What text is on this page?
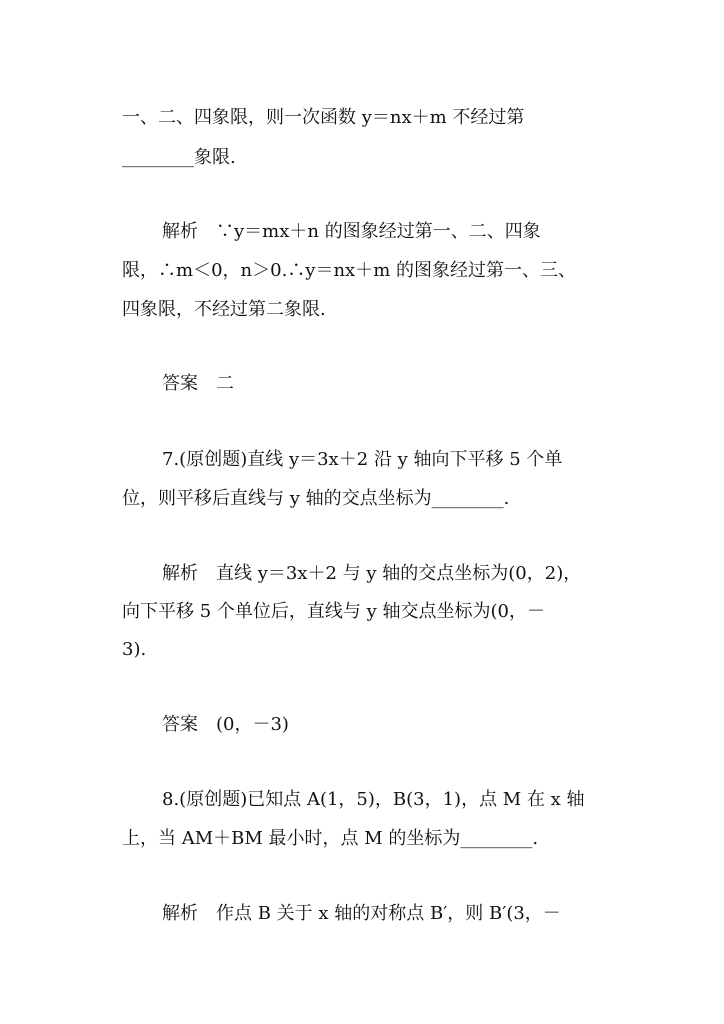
一、二、四象限，则一次函数 y＝nx＋m 不经过第
________象限.
解析　∵y＝mx＋n 的图象经过第一、二、四象
限，∴m＜0，n＞0.∴y＝nx＋m 的图象经过第一、三、
四象限，不经过第二象限.
答案　二
7.(原创题)直线 y＝3x＋2 沿 y 轴向下平移 5 个单
位，则平移后直线与 y 轴的交点坐标为________.
解析　直线 y＝3x＋2 与 y 轴的交点坐标为(0，2)，
向下平移 5 个单位后，直线与 y 轴交点坐标为(0，－
3).
答案　(0，－3)
8.(原创题)已知点 A(1，5)，B(3，1)，点 M 在 x 轴
上，当 AM＋BM 最小时，点 M 的坐标为________.
解析　作点 B 关于 x 轴的对称点 B′，则 B′(3，－
